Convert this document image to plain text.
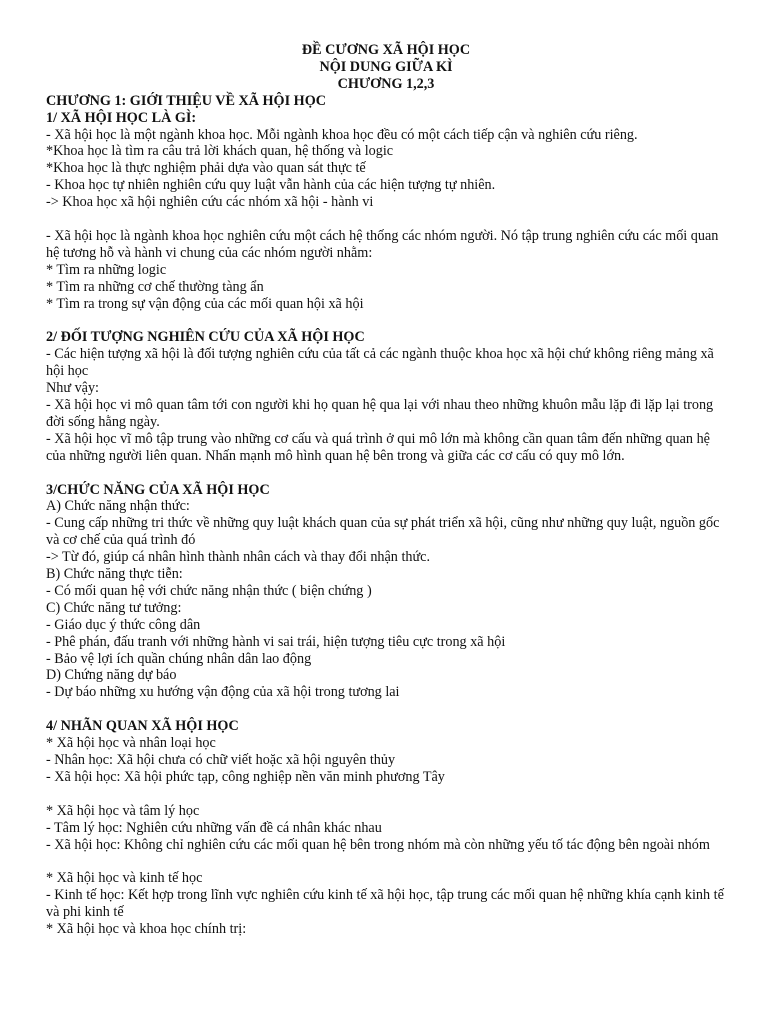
ĐỀ CƯƠNG XÃ HỘI HỌC
NỘI DUNG GIỮA KÌ
CHƯƠNG 1,2,3
CHƯƠNG 1: GIỚI THIỆU VỀ XÃ HỘI HỌC
1/ XÃ HỘI HỌC LÀ GÌ:
- Xã hội học là một ngành khoa học. Mỗi ngành khoa học đều có một cách tiếp cận và nghiên cứu riêng.
*Khoa học là tìm ra câu trả lời khách quan, hệ thống và logic
*Khoa học là thực nghiệm phải dựa vào quan sát thực tế
- Khoa học tự nhiên nghiên cứu quy luật vẫn hành của các hiện tượng tự nhiên.
-> Khoa học xã hội nghiên cứu các nhóm xã hội - hành vi
- Xã hội học là ngành khoa học nghiên cứu một cách hệ thống các nhóm người. Nó tập trung nghiên cứu các mối quan hệ tương hỗ và hành vi chung của các nhóm người nhằm:
* Tìm ra những logic
* Tìm ra những cơ chế thường tàng ẩn
* Tìm ra trong sự vận động của các mối quan hội xã hội
2/ ĐỐI TƯỢNG NGHIÊN CỨU CỦA XÃ HỘI HỌC
- Các hiện tượng xã hội là đối tượng nghiên cứu của tất cả các ngành thuộc khoa học xã hội chứ không riêng mảng xã hội học
Như vậy:
- Xã hội học vi mô quan tâm tới con người khi họ quan hệ qua lại với nhau theo những khuôn mẫu lặp đi lặp lại trong đời sống hằng ngày.
- Xã hội học vĩ mô tập trung vào những cơ cấu và quá trình ở qui mô lớn mà không cần quan tâm đến những quan hệ của những người liên quan. Nhấn mạnh mô hình quan hệ bên trong và giữa các cơ cấu có quy mô lớn.
3/CHỨC NĂNG CỦA XÃ HỘI HỌC
A) Chức năng nhận thức:
- Cung cấp những tri thức về những quy luật khách quan của sự phát triển xã hội, cũng như những quy luật, nguồn gốc và cơ chế của quá trình đó
-> Từ đó, giúp cá nhân hình thành nhân cách và thay đổi nhận thức.
B) Chức năng thực tiễn:
- Có mối quan hệ với chức năng nhận thức ( biện chứng )
C) Chức năng tư tưởng:
- Giáo dục ý thức công dân
- Phê phán, đấu tranh với những hành vi sai trái, hiện tượng tiêu cực trong xã hội
- Bảo vệ lợi ích quần chúng nhân dân lao động
D) Chứng năng dự báo
- Dự báo những xu hướng vận động của xã hội trong tương lai
4/ NHÃN QUAN XÃ HỘI HỌC
* Xã hội học và nhân loại học
- Nhân học: Xã hội chưa có chữ viết hoặc xã hội nguyên thủy
- Xã hội học: Xã hội phức tạp, công nghiệp nền văn minh phương Tây
* Xã hội học và tâm lý học
- Tâm lý học: Nghiên cứu những vấn đề cá nhân khác nhau
- Xã hội học: Không chỉ nghiên cứu các mối quan hệ bên trong nhóm mà còn những yếu tố tác động bên ngoài nhóm
* Xã hội học và kinh tế học
- Kinh tế học: Kết hợp trong lĩnh vực nghiên cứu kinh tế xã hội học, tập trung các mối quan hệ những khía cạnh kinh tế và phi kinh tế
* Xã hội học và khoa học chính trị:
